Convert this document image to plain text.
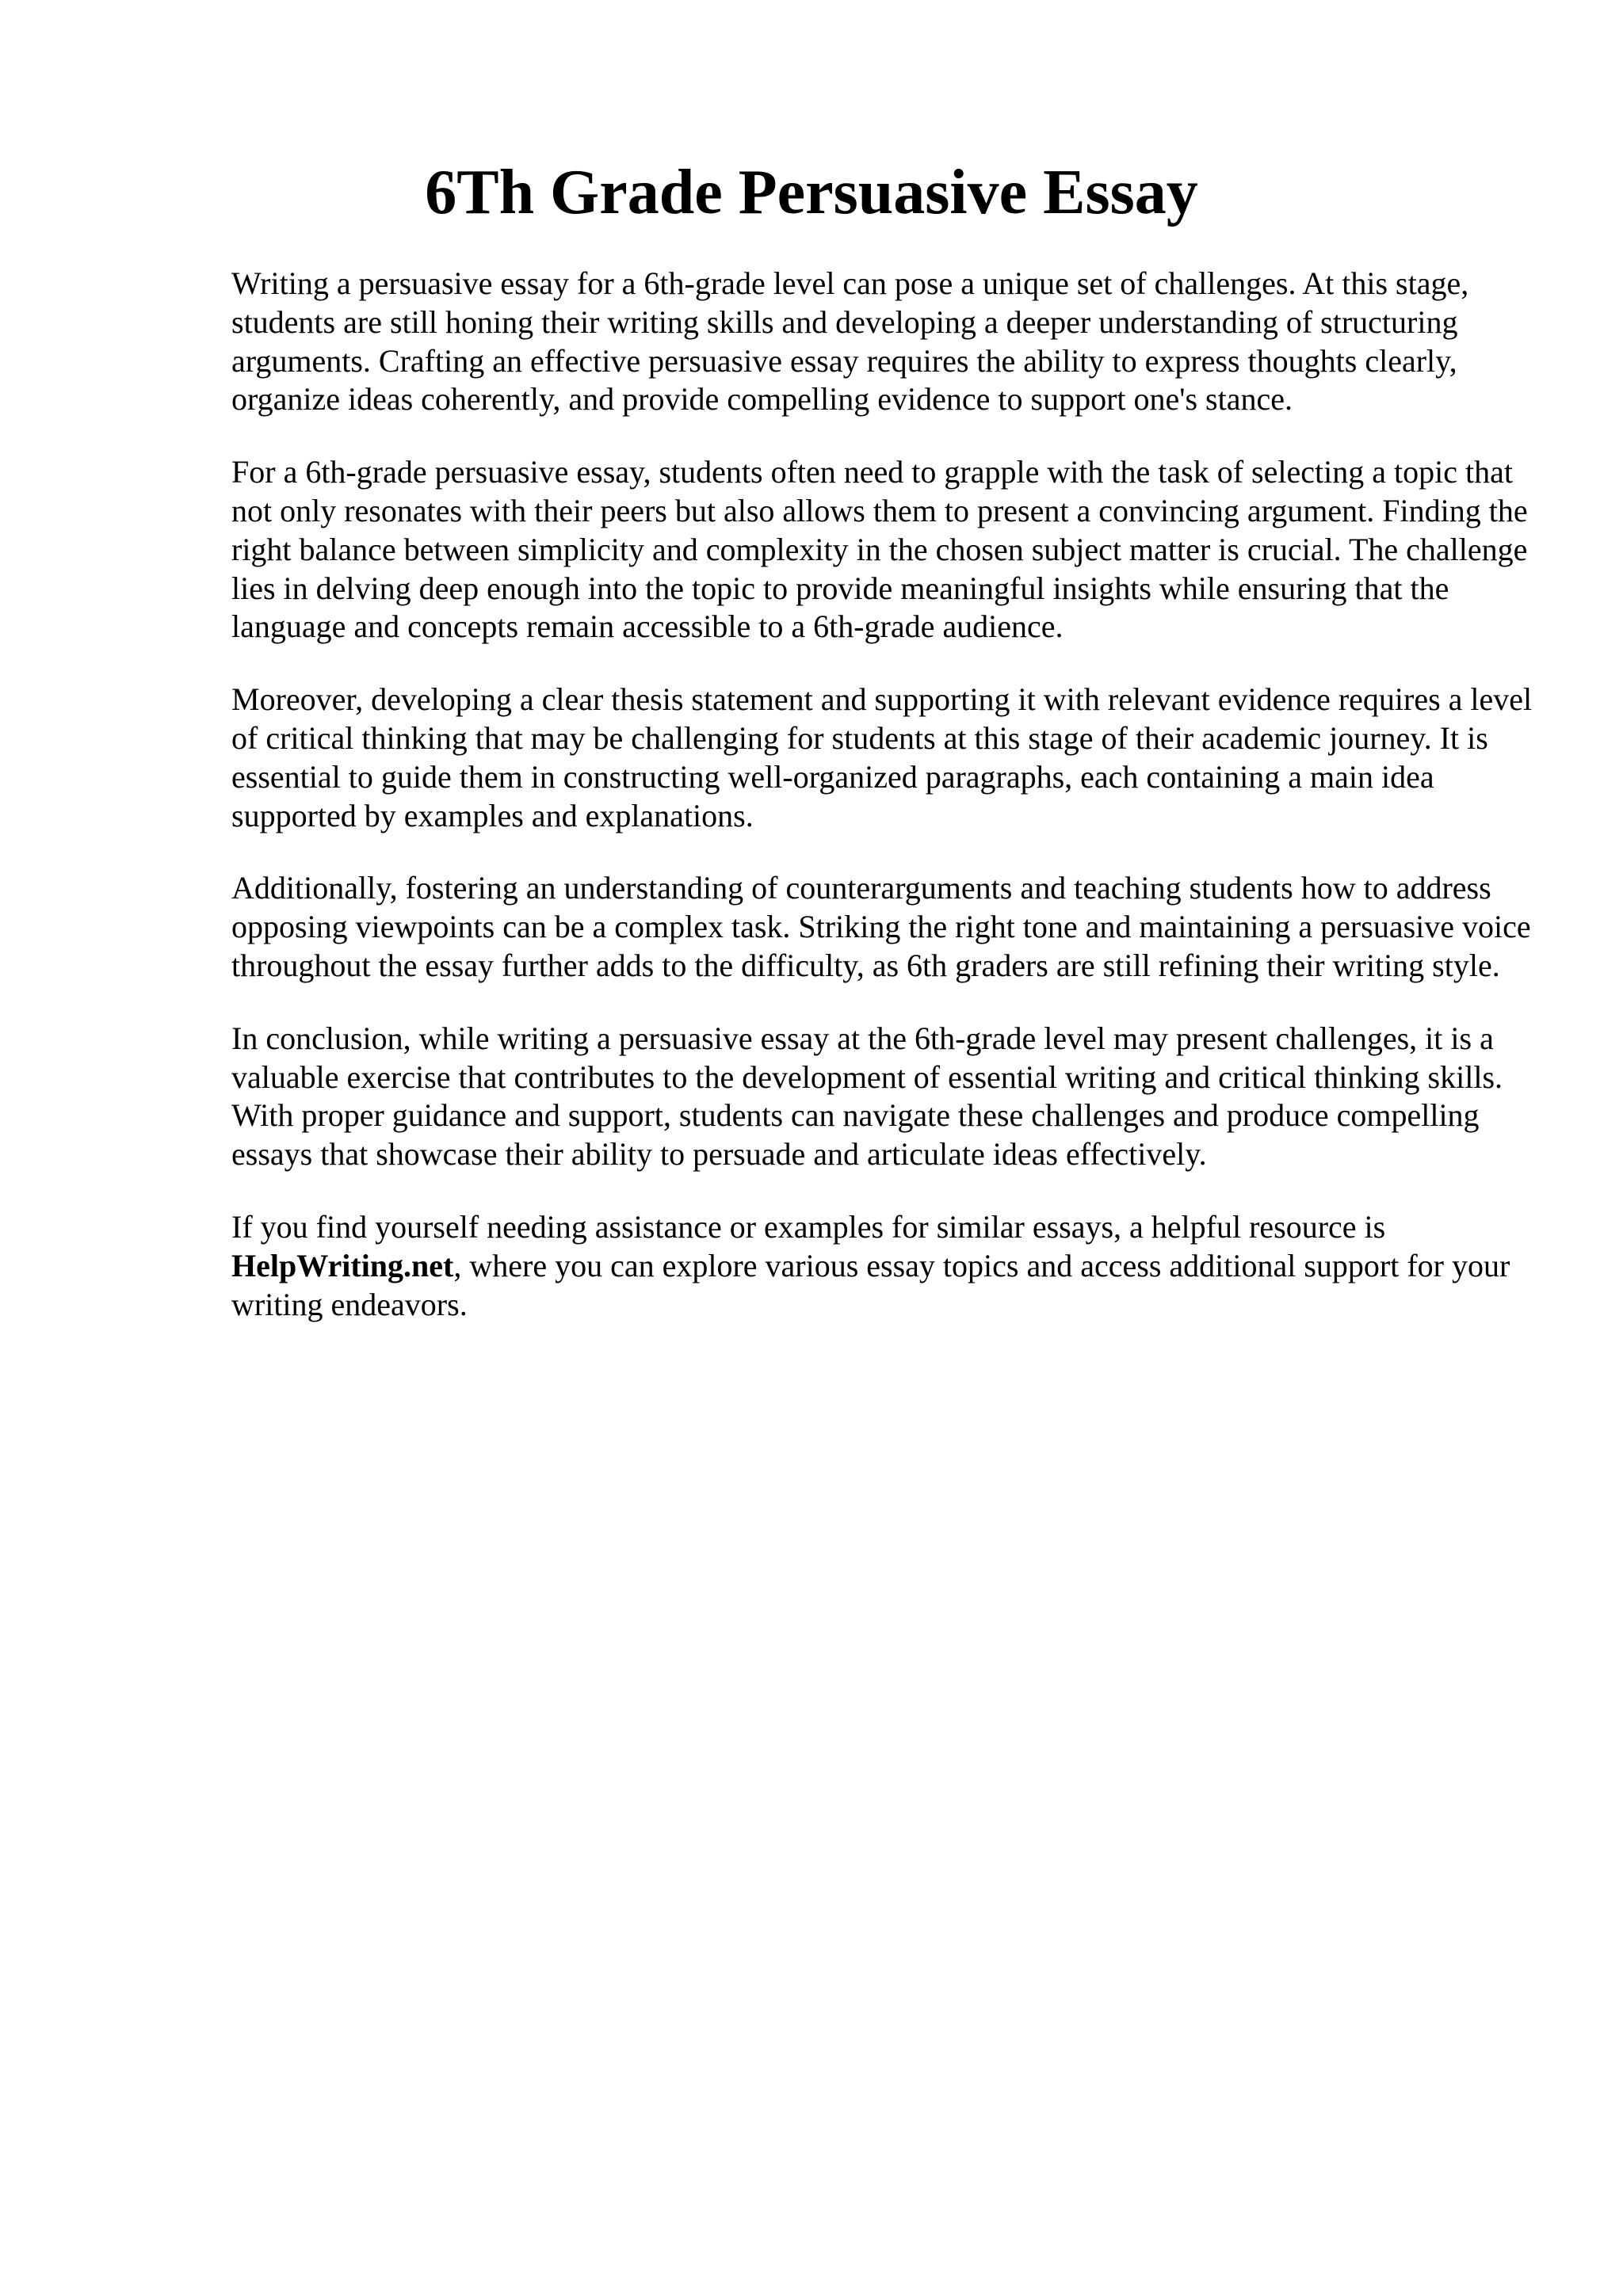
6Th Grade Persuasive Essay

Writing a persuasive essay for a 6th-grade level can pose a unique set of challenges. At this stage, students are still honing their writing skills and developing a deeper understanding of structuring arguments. Crafting an effective persuasive essay requires the ability to express thoughts clearly, organize ideas coherently, and provide compelling evidence to support one's stance.

For a 6th-grade persuasive essay, students often need to grapple with the task of selecting a topic that not only resonates with their peers but also allows them to present a convincing argument. Finding the right balance between simplicity and complexity in the chosen subject matter is crucial. The challenge lies in delving deep enough into the topic to provide meaningful insights while ensuring that the language and concepts remain accessible to a 6th-grade audience.

Moreover, developing a clear thesis statement and supporting it with relevant evidence requires a level of critical thinking that may be challenging for students at this stage of their academic journey. It is essential to guide them in constructing well-organized paragraphs, each containing a main idea supported by examples and explanations.

Additionally, fostering an understanding of counterarguments and teaching students how to address opposing viewpoints can be a complex task. Striking the right tone and maintaining a persuasive voice throughout the essay further adds to the difficulty, as 6th graders are still refining their writing style.

In conclusion, while writing a persuasive essay at the 6th-grade level may present challenges, it is a valuable exercise that contributes to the development of essential writing and critical thinking skills. With proper guidance and support, students can navigate these challenges and produce compelling essays that showcase their ability to persuade and articulate ideas effectively.

If you find yourself needing assistance or examples for similar essays, a helpful resource is HelpWriting.net, where you can explore various essay topics and access additional support for your writing endeavors.
